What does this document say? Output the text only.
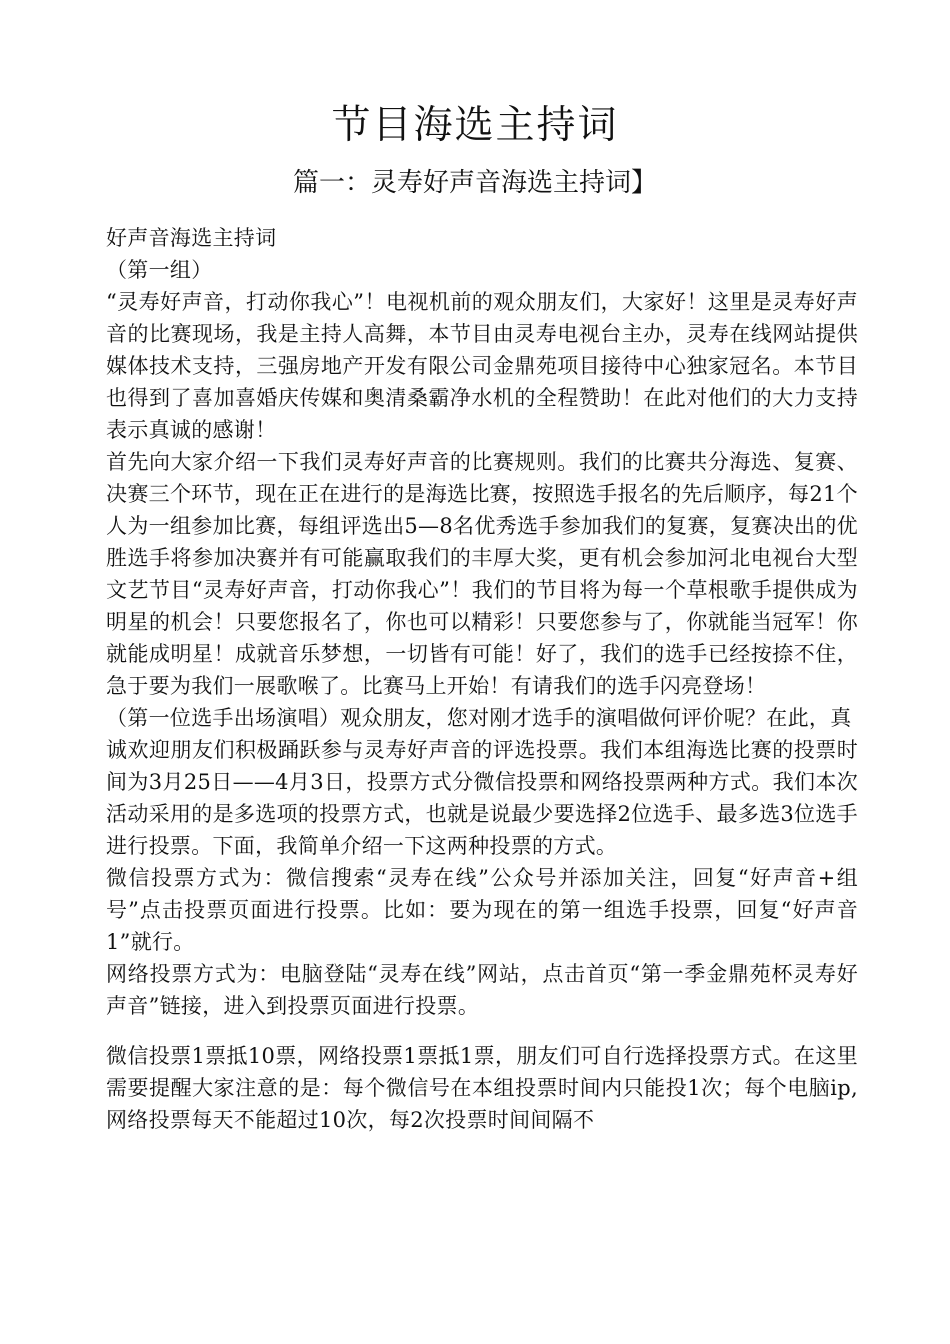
节目海选主持词
篇一：灵寿好声音海选主持词】

好声音海选主持词

（第一组）

“灵寿好声音，打动你我心”！电视机前的观众朋友们，大家好！这里是灵寿好声音的比赛现场，我是主持人高舞，本节目由灵寿电视台主办，灵寿在线网站提供媒体技术支持，三强房地产开发有限公司金鼎苑项目接待中心独家冠名。本节目也得到了喜加喜婚庆传媒和奥清桑霸净水机的全程赞助！在此对他们的大力支持表示真诚的感谢！

首先向大家介绍一下我们灵寿好声音的比赛规则。我们的比赛共分海选、复赛、决赛三个环节，现在正在进行的是海选比赛，按照选手报名的先后顺序，每21个人为一组参加比赛，每组评选出5—8名优秀选手参加我们的复赛，复赛决出的优胜选手将参加决赛并有可能赢取我们的丰厚大奖，更有机会参加河北电视台大型文艺节目“灵寿好声音，打动你我心”！我们的节目将为每一个草根歌手提供成为明星的机会！只要您报名了，你也可以精彩！只要您参与了，你就能当冠军！你就能成明星！成就音乐梦想，一切皆有可能！好了，我们的选手已经按捺不住，急于要为我们一展歌喉了。比赛马上开始！有请我们的选手闪亮登场！

（第一位选手出场演唱）观众朋友，您对刚才选手的演唱做何评价呢？在此，真

诚欢迎朋友们积极踊跃参与灵寿好声音的评选投票。我们本组海选比赛的投票时间为3月25日——4月3日，投票方式分微信投票和网络投票两种方式。我们本次活动采用的是多选项的投票方式，也就是说最少要选择2位选手、最多选3位选手进行投票。下面，我简单介绍一下这两种投票的方式。

微信投票方式为：微信搜索“灵寿在线”公众号并添加关注，回复“好声音+组号”点击投票页面进行投票。比如：要为现在的第一组选手投票，回复“好声音1”就行。

网络投票方式为：电脑登陆“灵寿在线”网站，点击首页“第一季金鼎苑杯灵寿好声音”链接，进入到投票页面进行投票。

微信投票1票抵10票，网络投票1票抵1票，朋友们可自行选择投票方式。在这里需要提醒大家注意的是：每个微信号在本组投票时间内只能投1次；每个电脑ip,网络投票每天不能超过10次，每2次投票时间间隔不
